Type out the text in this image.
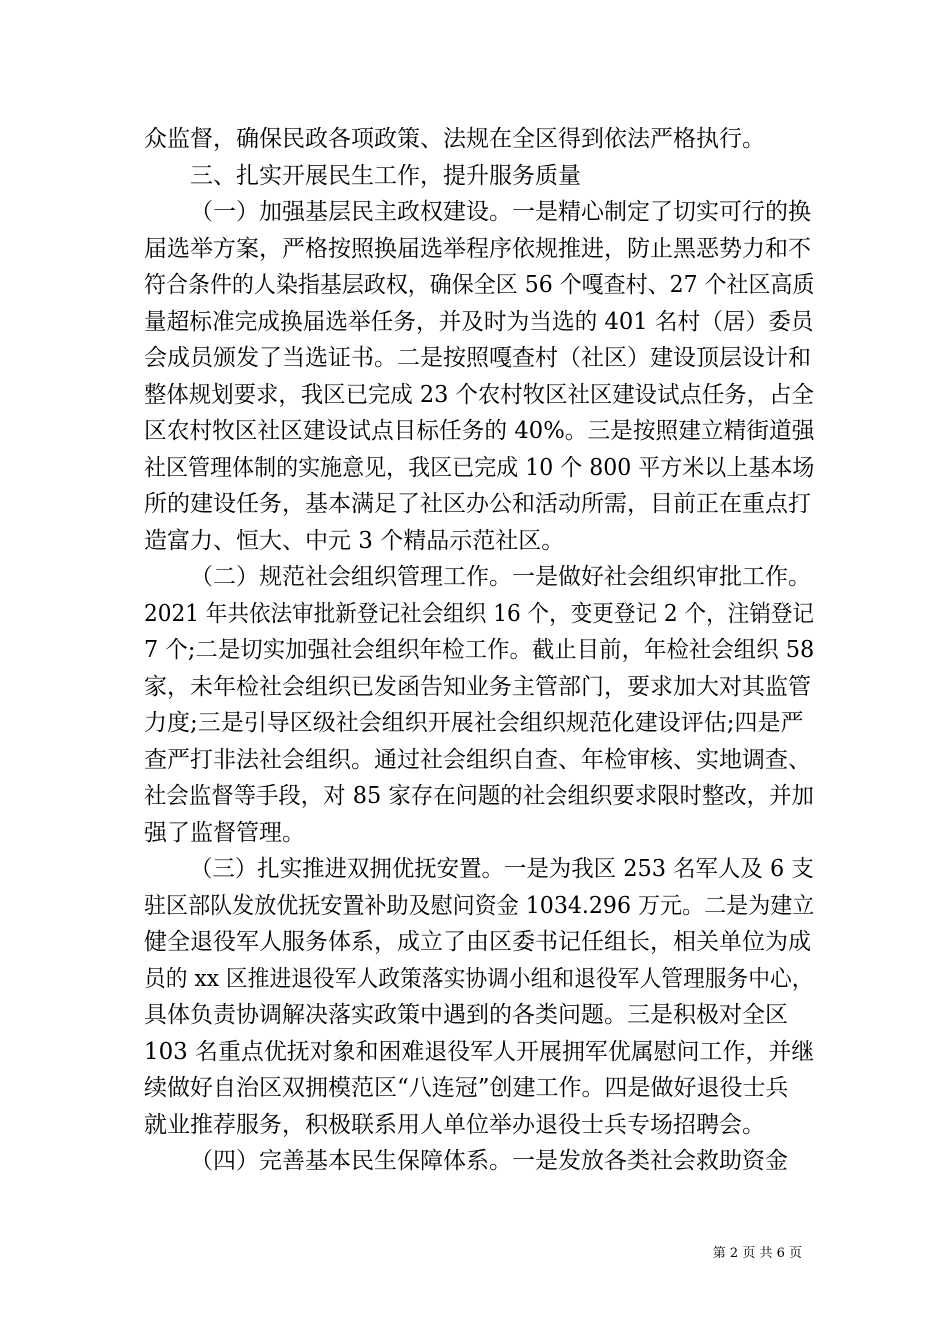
众监督，确保民政各项政策、法规在全区得到依法严格执行。
三、扎实开展民生工作，提升服务质量
（一）加强基层民主政权建设。一是精心制定了切实可行的换
届选举方案，严格按照换届选举程序依规推进，防止黑恶势力和不
符合条件的人染指基层政权，确保全区 56 个嘎查村、27 个社区高质
量超标准完成换届选举任务，并及时为当选的 401 名村（居）委员
会成员颁发了当选证书。二是按照嘎查村（社区）建设顶层设计和
整体规划要求，我区已完成 23 个农村牧区社区建设试点任务，占全
区农村牧区社区建设试点目标任务的 40%。三是按照建立精街道强
社区管理体制的实施意见，我区已完成 10 个 800 平方米以上基本场
所的建设任务，基本满足了社区办公和活动所需，目前正在重点打
造富力、恒大、中元 3 个精品示范社区。
（二）规范社会组织管理工作。一是做好社会组织审批工作。
2021 年共依法审批新登记社会组织 16 个，变更登记 2 个，注销登记
7 个;二是切实加强社会组织年检工作。截止目前，年检社会组织 58
家，未年检社会组织已发函告知业务主管部门，要求加大对其监管
力度;三是引导区级社会组织开展社会组织规范化建设评估;四是严
查严打非法社会组织。通过社会组织自查、年检审核、实地调查、
社会监督等手段，对 85 家存在问题的社会组织要求限时整改，并加
强了监督管理。
（三）扎实推进双拥优抚安置。一是为我区 253 名军人及 6 支
驻区部队发放优抚安置补助及慰问资金 1034.296 万元。二是为建立
健全退役军人服务体系，成立了由区委书记任组长，相关单位为成
员的 xx 区推进退役军人政策落实协调小组和退役军人管理服务中心，
具体负责协调解决落实政策中遇到的各类问题。三是积极对全区
103 名重点优抚对象和困难退役军人开展拥军优属慰问工作，并继
续做好自治区双拥模范区“八连冠”创建工作。四是做好退役士兵
就业推荐服务，积极联系用人单位举办退役士兵专场招聘会。
（四）完善基本民生保障体系。一是发放各类社会救助资金
第 2 页 共 6 页
